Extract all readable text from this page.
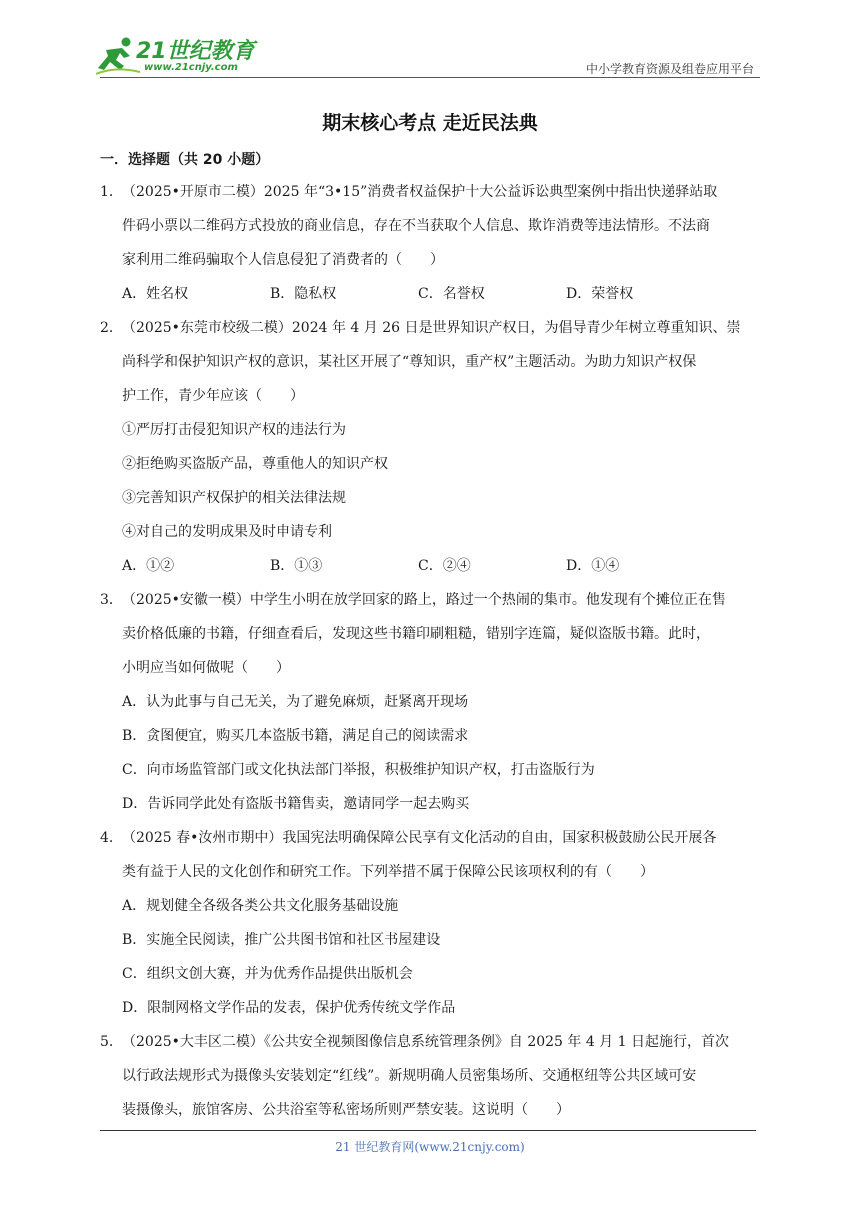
21世纪教育
www.21cnjy.com	中小学教育资源及组卷应用平台
期末核心考点 走近民法典
一．选择题（共 20 小题）
1． （2025•开原市二模）2025 年“3•15”消费者权益保护十大公益诉讼典型案例中指出快递驿站取
件码小票以二维码方式投放的商业信息，存在不当获取个人信息、欺诈消费等违法情形。不法商
家利用二维码骗取个人信息侵犯了消费者的（　　）
A．姓名权	B．隐私权	C．名誉权	D．荣誉权
2． （2025•东莞市校级二模）2024 年 4 月 26 日是世界知识产权日，为倡导青少年树立尊重知识、崇
尚科学和保护知识产权的意识，某社区开展了“尊知识，重产权”主题活动。为助力知识产权保
护工作，青少年应该（　　）
①严厉打击侵犯知识产权的违法行为
②拒绝购买盗版产品，尊重他人的知识产权
③完善知识产权保护的相关法律法规
④对自己的发明成果及时申请专利
A．①②	B．①③	C．②④	D．①④
3． （2025•安徽一模）中学生小明在放学回家的路上，路过一个热闹的集市。他发现有个摊位正在售
卖价格低廉的书籍，仔细查看后，发现这些书籍印刷粗糙，错别字连篇，疑似盗版书籍。此时，
小明应当如何做呢（　　）
A．认为此事与自己无关，为了避免麻烦，赶紧离开现场
B．贪图便宜，购买几本盗版书籍，满足自己的阅读需求
C．向市场监管部门或文化执法部门举报，积极维护知识产权，打击盗版行为
D．告诉同学此处有盗版书籍售卖，邀请同学一起去购买
4． （2025 春•汝州市期中）我国宪法明确保障公民享有文化活动的自由，国家积极鼓励公民开展各
类有益于人民的文化创作和研究工作。下列举措不属于保障公民该项权利的有（　　）
A．规划健全各级各类公共文化服务基础设施
B．实施全民阅读，推广公共图书馆和社区书屋建设
C．组织文创大赛，并为优秀作品提供出版机会
D．限制网格文学作品的发表，保护优秀传统文学作品
5． （2025•大丰区二模）《公共安全视频图像信息系统管理条例》自 2025 年 4 月 1 日起施行，首次
以行政法规形式为摄像头安装划定“红线”。新规明确人员密集场所、交通枢纽等公共区域可安
装摄像头，旅馆客房、公共浴室等私密场所则严禁安装。这说明（　　）
21 世纪教育网(www.21cnjy.com)
